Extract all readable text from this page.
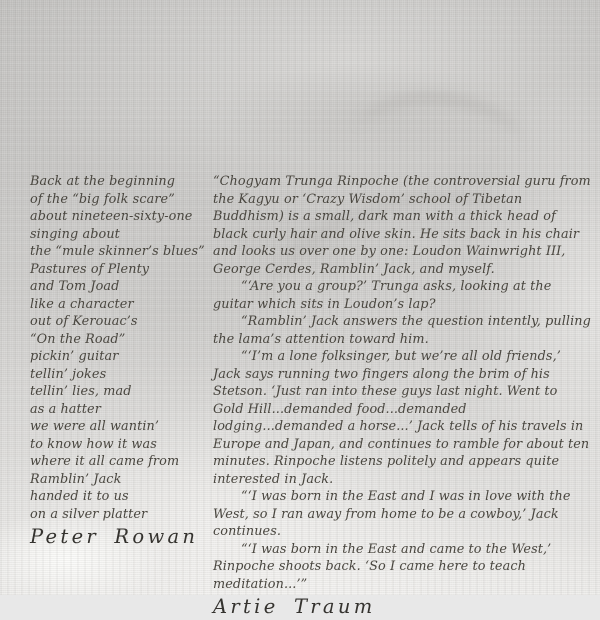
Back at the beginning
of the “big folk scare”
about nineteen-sixty-one
singing about
the “mule skinner’s blues”
Pastures of Plenty
and Tom Joad
like a character
out of Kerouac’s
“On the Road”
pickin’ guitar
tellin’ jokes
tellin’ lies, mad
as a hatter
we were all wantin’
to know how it was
where it all came from
Ramblin’ Jack
handed it to us
on a silver platter
Peter Rowan

“Chogyam Trunga Rinpoche (the controversial guru from the Kagyu or ‘Crazy Wisdom’ school of Tibetan Buddhism) is a small, dark man with a thick head of black curly hair and olive skin. He sits back in his chair and looks us over one by one: Loudon Wainwright III, George Cerdes, Ramblin’ Jack, and myself.

“‘Are you a group?’ Trunga asks, looking at the guitar which sits in Loudon’s lap?

“Ramblin’ Jack answers the question intently, pulling the lama’s attention toward him.

“‘I’m a lone folksinger, but we’re all old friends,’ Jack says running two fingers along the brim of his Stetson. ‘Just ran into these guys last night. Went to Gold Hill...demanded food...demanded lodging...demanded a horse...’ Jack tells of his travels in Europe and Japan, and continues to ramble for about ten minutes. Rinpoche listens politely and appears quite interested in Jack.

“‘I was born in the East and I was in love with the West, so I ran away from home to be a cowboy,’ Jack continues.

“‘I was born in the East and came to the West,’ Rinpoche shoots back. ‘So I came here to teach meditation...’”

Artie Traum
